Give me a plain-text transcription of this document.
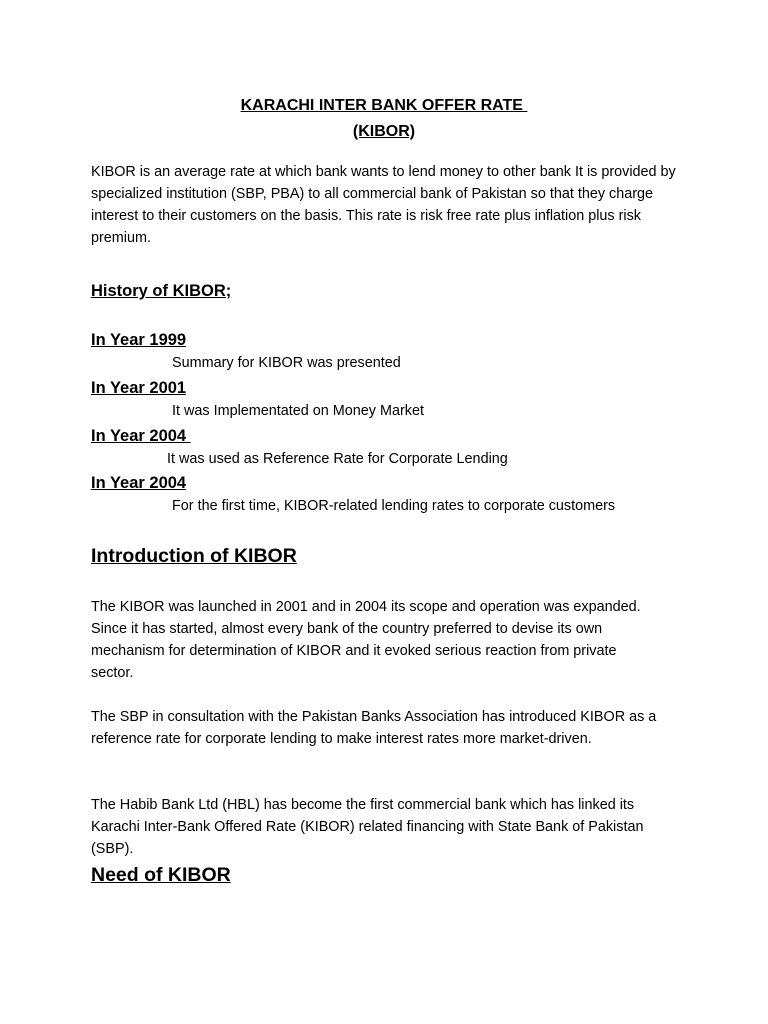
KARACHI INTER BANK OFFER RATE
(KIBOR)

KIBOR is an average rate at which bank wants to lend money to other bank It is provided by specialized institution (SBP, PBA) to all commercial bank of Pakistan so that they charge interest to their customers on the basis. This rate is risk free rate plus inflation plus risk premium.

History of KIBOR;
In Year 1999
Summary for KIBOR was presented
In Year 2001
It was Implementated on Money Market
In Year 2004
It was used as Reference Rate for Corporate Lending
In Year 2004
For the first time, KIBOR-related lending rates to corporate customers
Introduction of KIBOR

The KIBOR was launched in 2001 and in 2004 its scope and operation was expanded. Since it has started, almost every bank of the country preferred to devise its own mechanism for determination of KIBOR and it evoked serious reaction from private sector.

The SBP in consultation with the Pakistan Banks Association has introduced KIBOR as a reference rate for corporate lending to make interest rates more market-driven.

The Habib Bank Ltd (HBL) has become the first commercial bank which has linked its Karachi Inter-Bank Offered Rate (KIBOR) related financing with State Bank of Pakistan (SBP).

Need of KIBOR
